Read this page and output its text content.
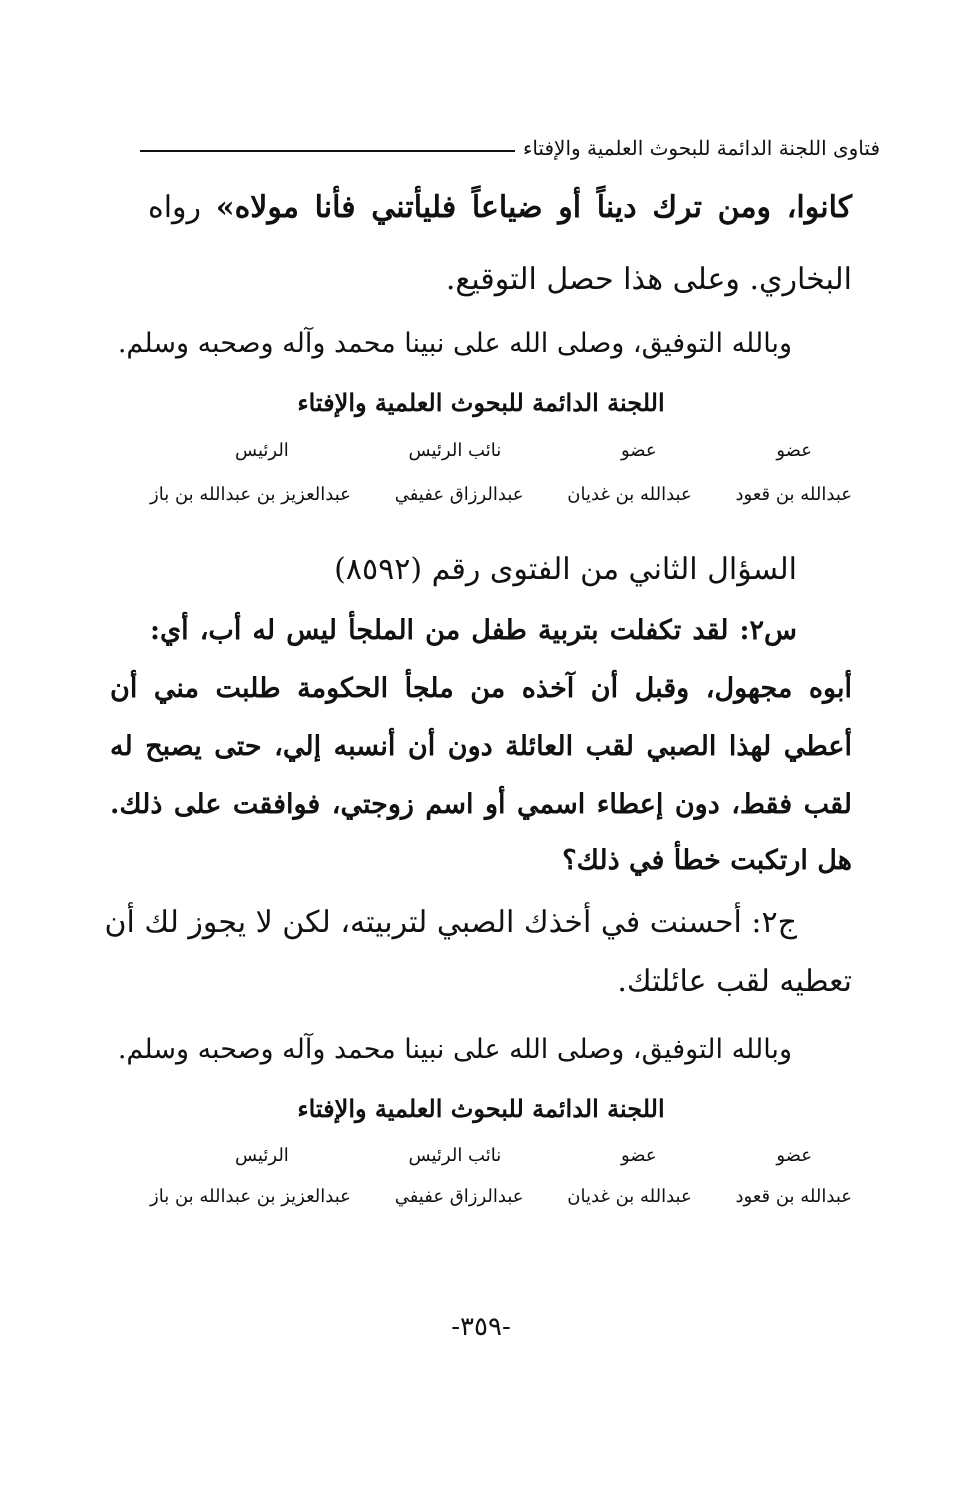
فتاوى اللجنة الدائمة للبحوث العلمية والإفتاء
كانوا، ومن ترك ديناً أو ضياعاً فليأتني فأنا مولاه» رواه
البخاري. وعلى هذا حصل التوقيع.
وبالله التوفيق، وصلى الله على نبينا محمد وآله وصحبه وسلم.
اللجنة الدائمة للبحوث العلمية والإفتاء
عضو
عضو
نائب الرئيس
الرئيس
عبدالله بن قعود
عبدالله بن غديان
عبدالرزاق عفيفي
عبدالعزيز بن عبدالله بن باز
السؤال الثاني من الفتوى رقم (٨٥٩٢)
س٢: لقد تكفلت بتربية طفل من الملجأ ليس له أب، أي:
أبوه مجهول، وقبل أن آخذه من ملجأ الحكومة طلبت مني أن
أعطي لهذا الصبي لقب العائلة دون أن أنسبه إلي، حتى يصبح له
لقب فقط، دون إعطاء اسمي أو اسم زوجتي، فوافقت على ذلك.
هل ارتكبت خطأ في ذلك؟
ج٢: أحسنت في أخذك الصبي لتربيته، لكن لا يجوز لك أن
تعطيه لقب عائلتك.
وبالله التوفيق، وصلى الله على نبينا محمد وآله وصحبه وسلم.
اللجنة الدائمة للبحوث العلمية والإفتاء
عضو
عضو
نائب الرئيس
الرئيس
عبدالله بن قعود
عبدالله بن غديان
عبدالرزاق عفيفي
عبدالعزيز بن عبدالله بن باز
-٣٥٩-
